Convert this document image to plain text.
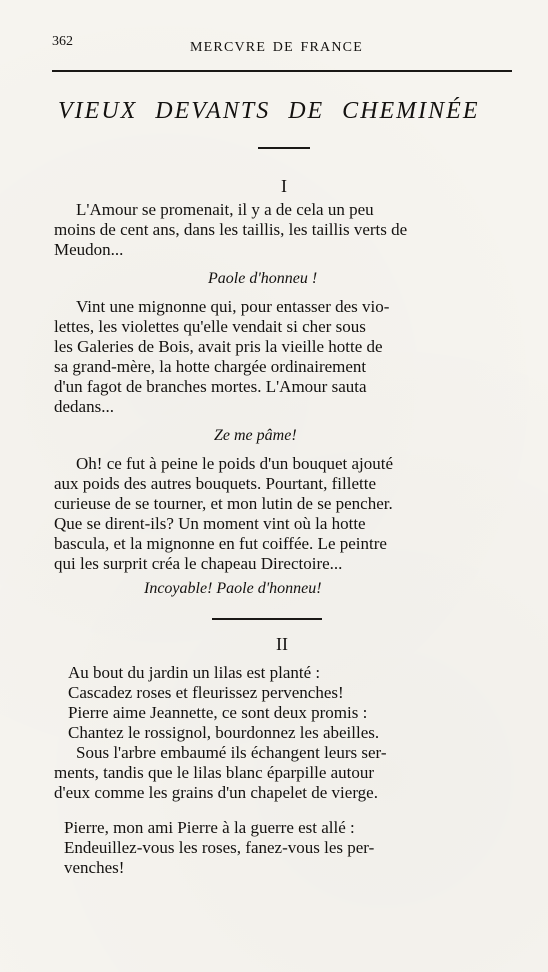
362	MERCVRE DE FRANCE
VIEUX DEVANTS DE CHEMINÉE
I
L'Amour se promenait, il y a de cela un peu
moins de cent ans, dans les taillis, les taillis verts de
Meudon...
Paole d'honneu !
Vint une mignonne qui, pour entasser des vio-
lettes, les violettes qu'elle vendait si cher sous
les Galeries de Bois, avait pris la vieille hotte de
sa grand-mère, la hotte chargée ordinairement
d'un fagot de branches mortes. L'Amour sauta
dedans...
Ze me pâme!
Oh! ce fut à peine le poids d'un bouquet ajouté
aux poids des autres bouquets. Pourtant, fillette
curieuse de se tourner, et mon lutin de se pencher.
Que se dirent-ils? Un moment vint où la hotte
bascula, et la mignonne en fut coiffée. Le peintre
qui les surprit créa le chapeau Directoire...
Incoyable! Paole d'honneu!
II
Au bout du jardin un lilas est planté :
Cascadez roses et fleurissez pervenches!
Pierre aime Jeannette, ce sont deux promis :
Chantez le rossignol, bourdonnez les abeilles.
Sous l'arbre embaumé ils échangent leurs ser-
ments, tandis que le lilas blanc éparpille autour
d'eux comme les grains d'un chapelet de vierge.
Pierre, mon ami Pierre à la guerre est allé :
Endeuillez-vous les roses, fanez-vous les per-
venches!
